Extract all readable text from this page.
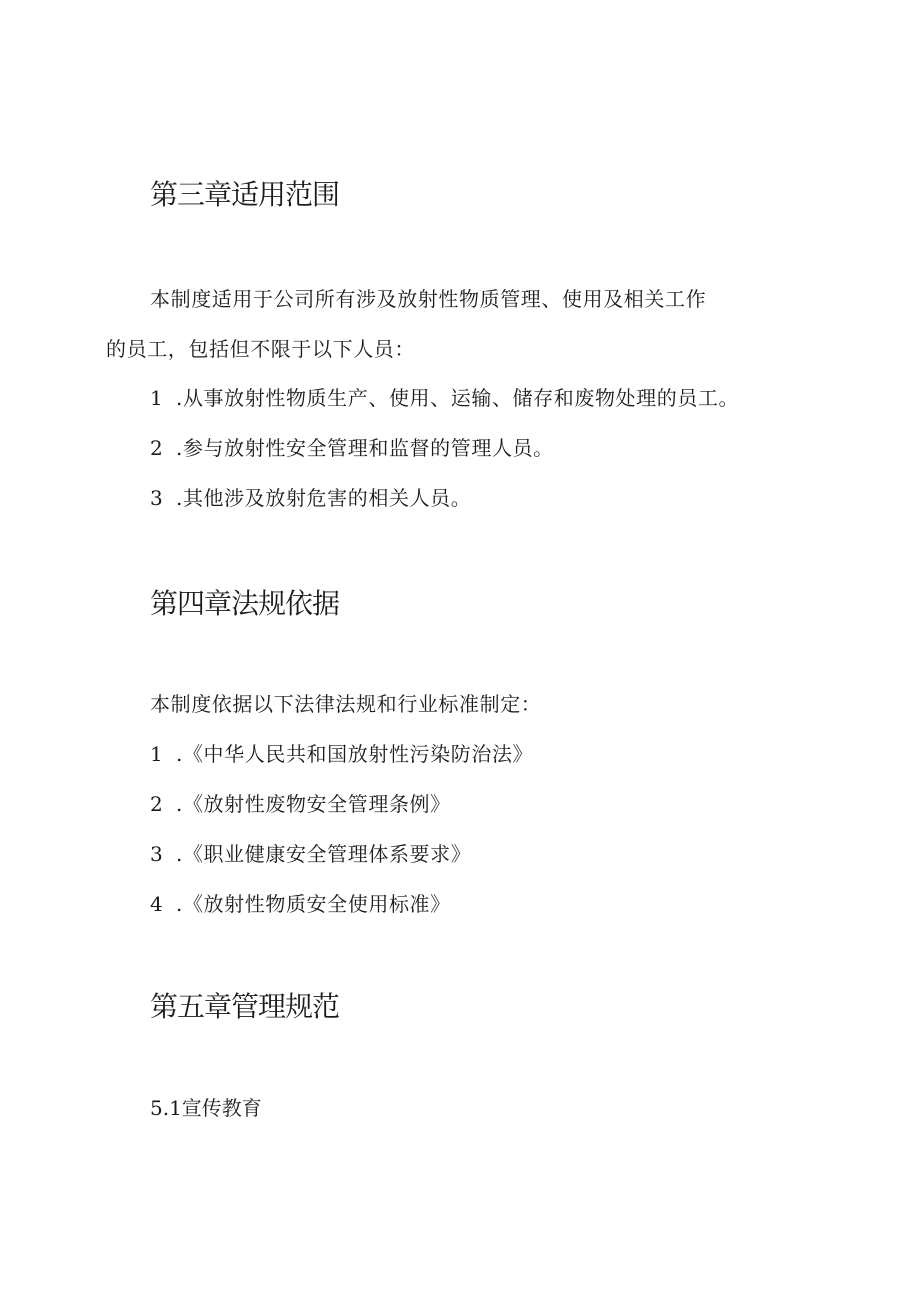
第三章适用范围

本制度适用于公司所有涉及放射性物质管理、使用及相关工作

的员工，包括但不限于以下人员：

1 .从事放射性物质生产、使用、运输、储存和废物处理的员工。

2 .参与放射性安全管理和监督的管理人员。

3 .其他涉及放射危害的相关人员。

第四章法规依据

本制度依据以下法律法规和行业标准制定：

1 .《中华人民共和国放射性污染防治法》

2 .《放射性废物安全管理条例》

3 .《职业健康安全管理体系要求》

4 .《放射性物质安全使用标准》

第五章管理规范

5.1宣传教育
